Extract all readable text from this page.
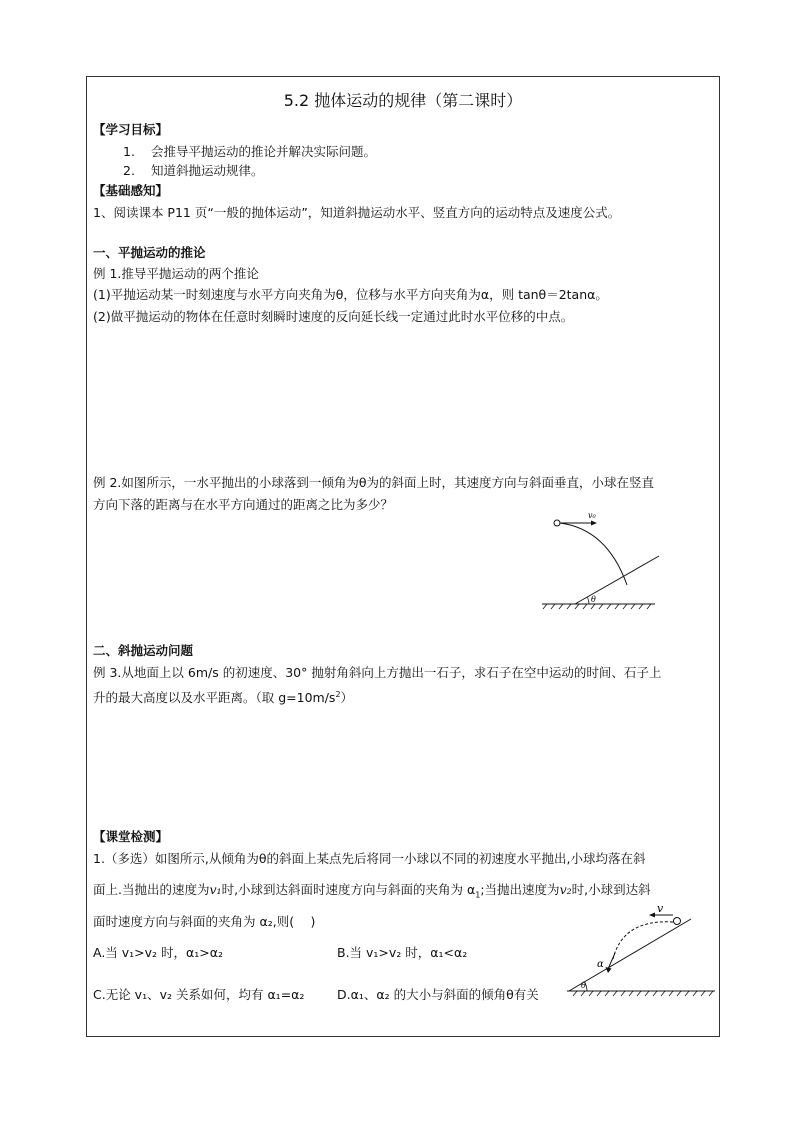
5.2 抛体运动的规律（第二课时）
【学习目标】
1. 会推导平抛运动的推论并解决实际问题。
2. 知道斜抛运动规律。
【基础感知】
1、阅读课本 P11 页“一般的抛体运动”，知道斜抛运动水平、竖直方向的运动特点及速度公式。
一、平抛运动的推论
例 1.推导平抛运动的两个推论
(1)平抛运动某一时刻速度与水平方向夹角为θ，位移与水平方向夹角为α，则 tanθ＝2tanα。
(2)做平抛运动的物体在任意时刻瞬时速度的反向延长线一定通过此时水平位移的中点。
例 2.如图所示，一水平抛出的小球落到一倾角为θ为的斜面上时，其速度方向与斜面垂直，小球在竖直
方向下落的距离与在水平方向通过的距离之比为多少？
v₀
θ
二、斜抛运动问题
例 3.从地面上以 6m/s 的初速度、30° 抛射角斜向上方抛出一石子，求石子在空中运动的时间、石子上
升的最大高度以及水平距离。（取 $g=10m/s^2$）
【课堂检测】
1.（多选）如图所示,从倾角为θ的斜面上某点先后将同一小球以不同的初速度水平抛出,小球均落在斜
面上.当抛出的速度为v₁时,小球到达斜面时速度方向与斜面的夹角为 $\alpha_1$;当抛出速度为v₂时,小球到达斜
面时速度方向与斜面的夹角为 α₂,则(　 )
A.当 v₁>v₂ 时，α₁>α₂	B.当 v₁>v₂ 时，α₁<α₂
C.无论 v₁、v₂ 关系如何，均有 α₁=α₂	D.α₁、α₂ 的大小与斜面的倾角θ有关
v
α
θ
